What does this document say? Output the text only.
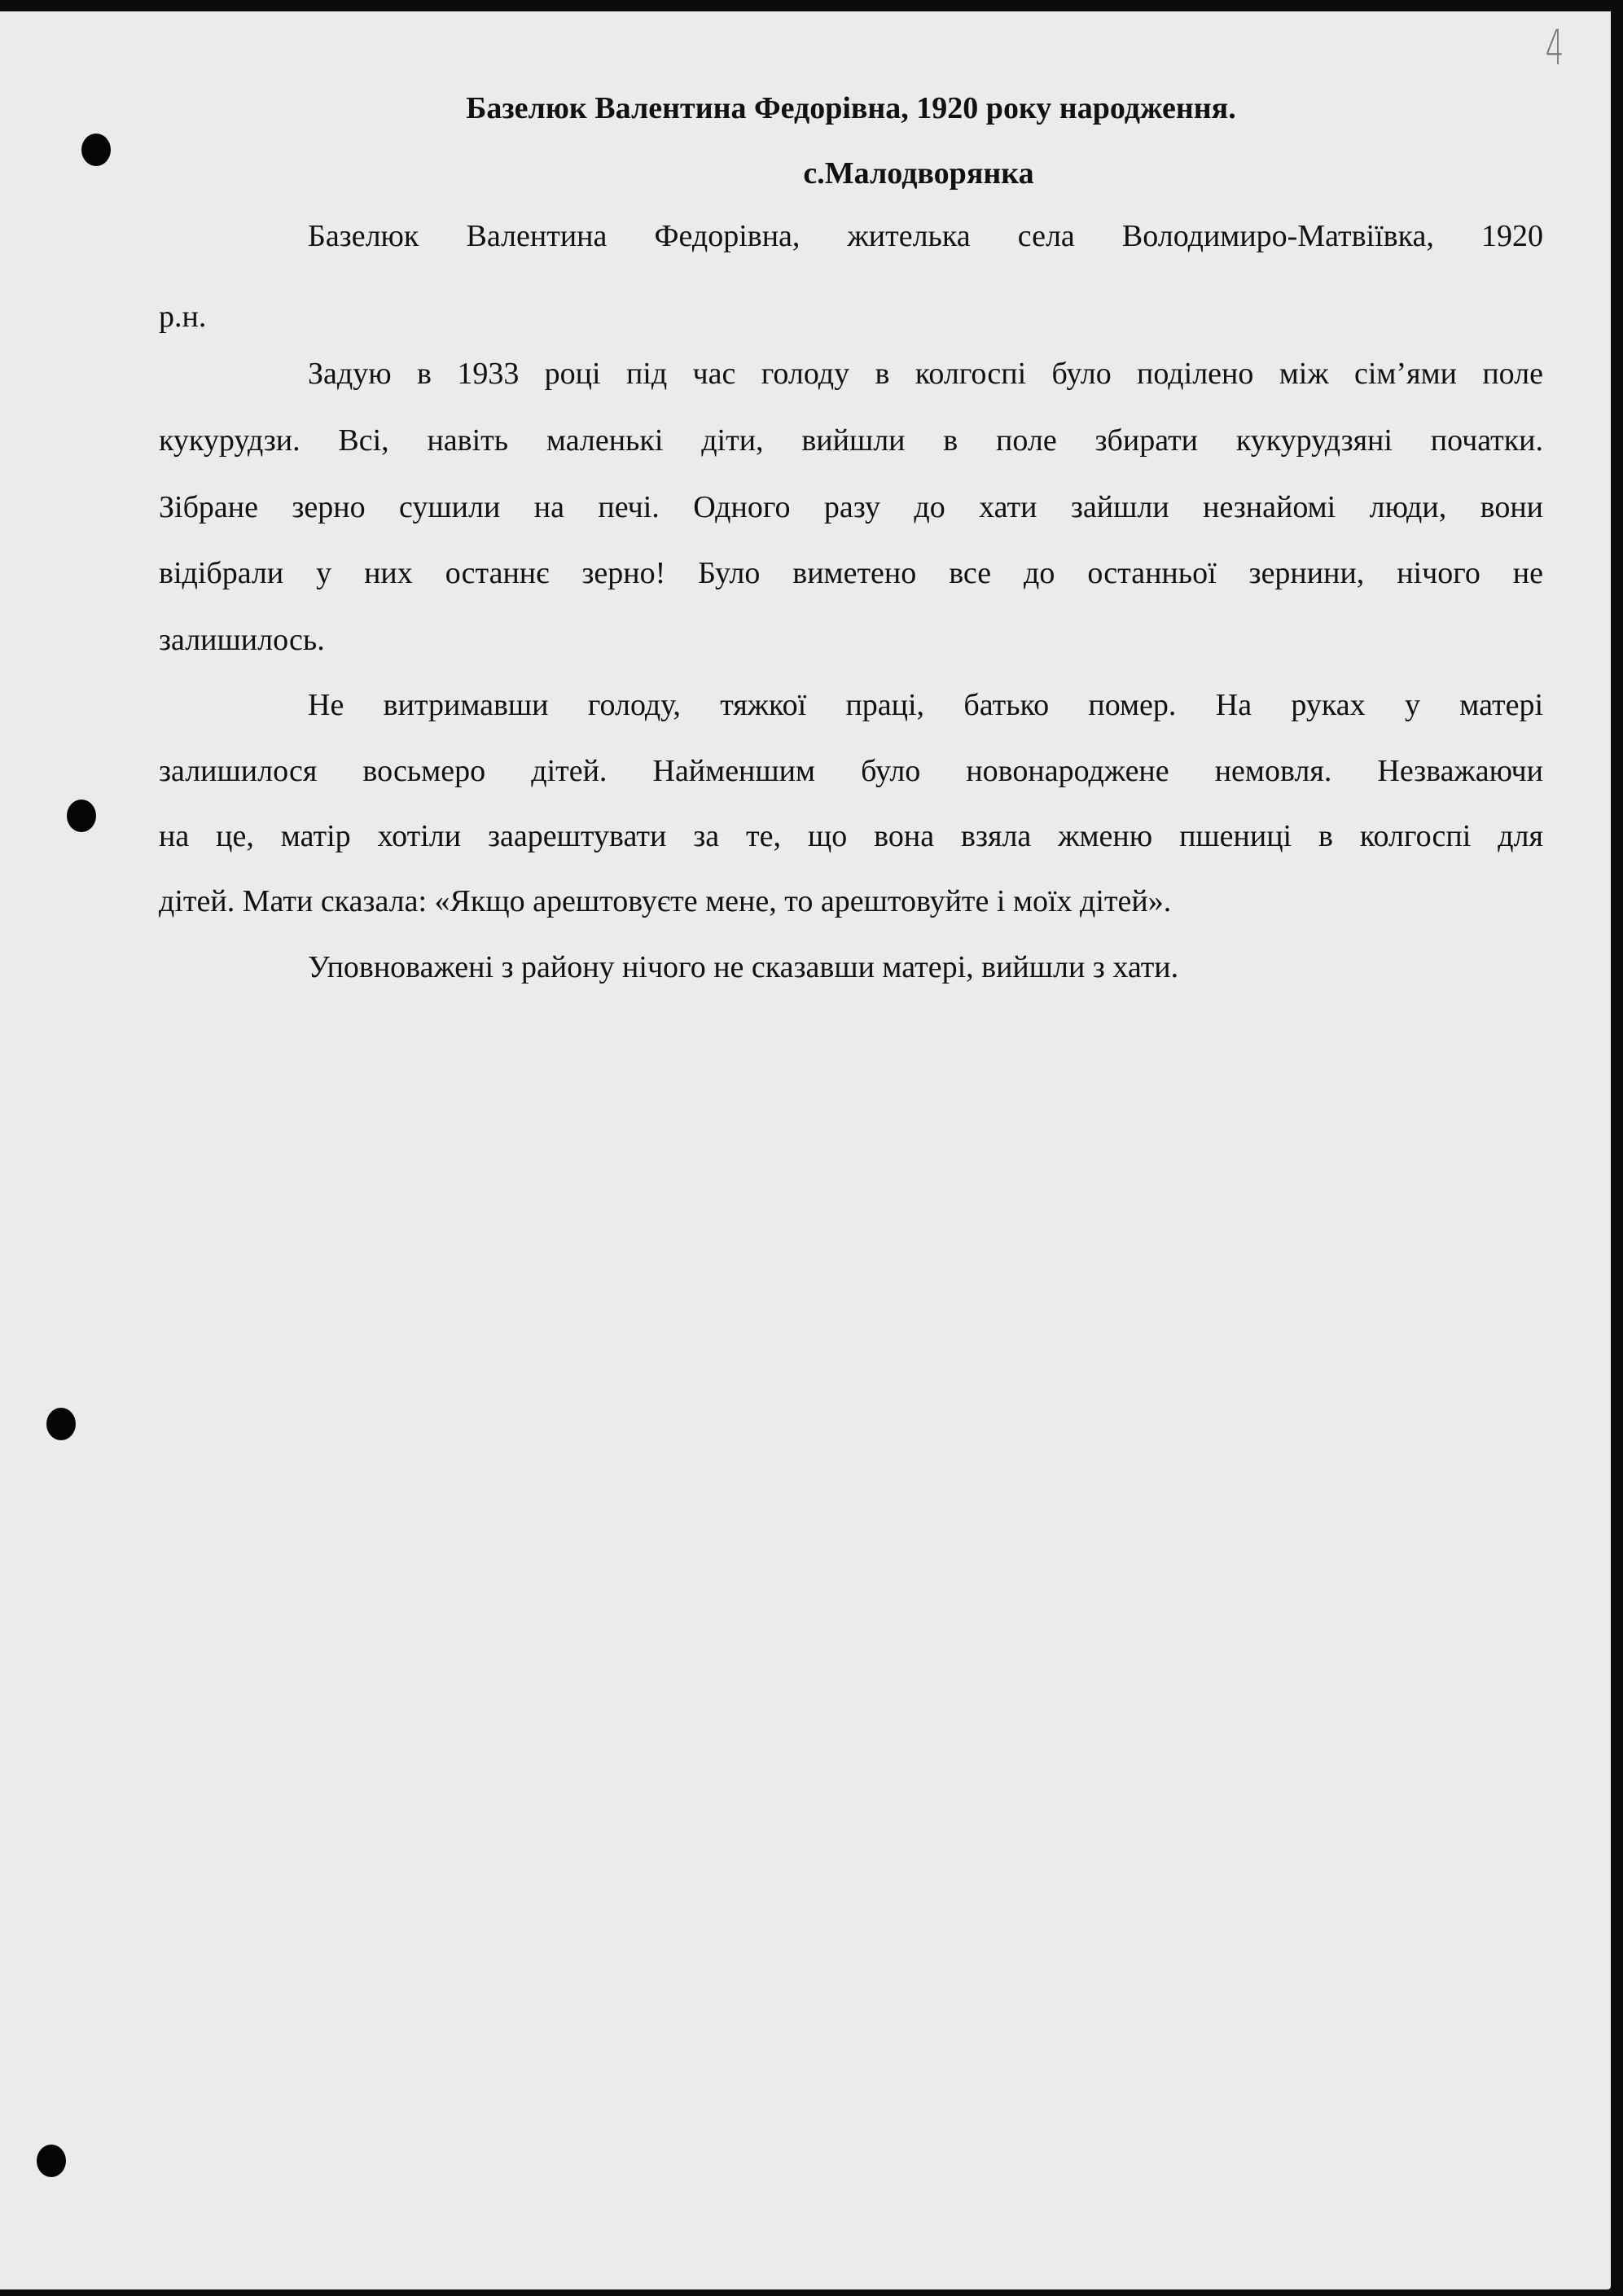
4
Базелюк Валентина Федорівна, 1920 року народження.
с.Малодворянка
Базелюк Валентина Федорівна, жителька села Володимиро-Матвіївка, 1920
р.н.
Задую в 1933 році під час голоду в колгоспі було поділено між сім’ями поле
кукурудзи. Всі, навіть маленькі діти, вийшли в поле збирати кукурудзяні початки.
Зібране зерно сушили на печі. Одного разу до хати зайшли незнайомі люди, вони
відібрали у них останнє зерно! Було виметено все до останньої зернини, нічого не
залишилось.
Не витримавши голоду, тяжкої праці, батько помер. На руках у матері
залишилося восьмеро дітей. Найменшим було новонароджене немовля. Незважаючи
на це, матір хотіли заарештувати за те, що вона взяла жменю пшениці в колгоспі для
дітей. Мати сказала: «Якщо арештовуєте мене, то арештовуйте і моїх дітей».
Уповноважені з району нічого не сказавши матері, вийшли з хати.
